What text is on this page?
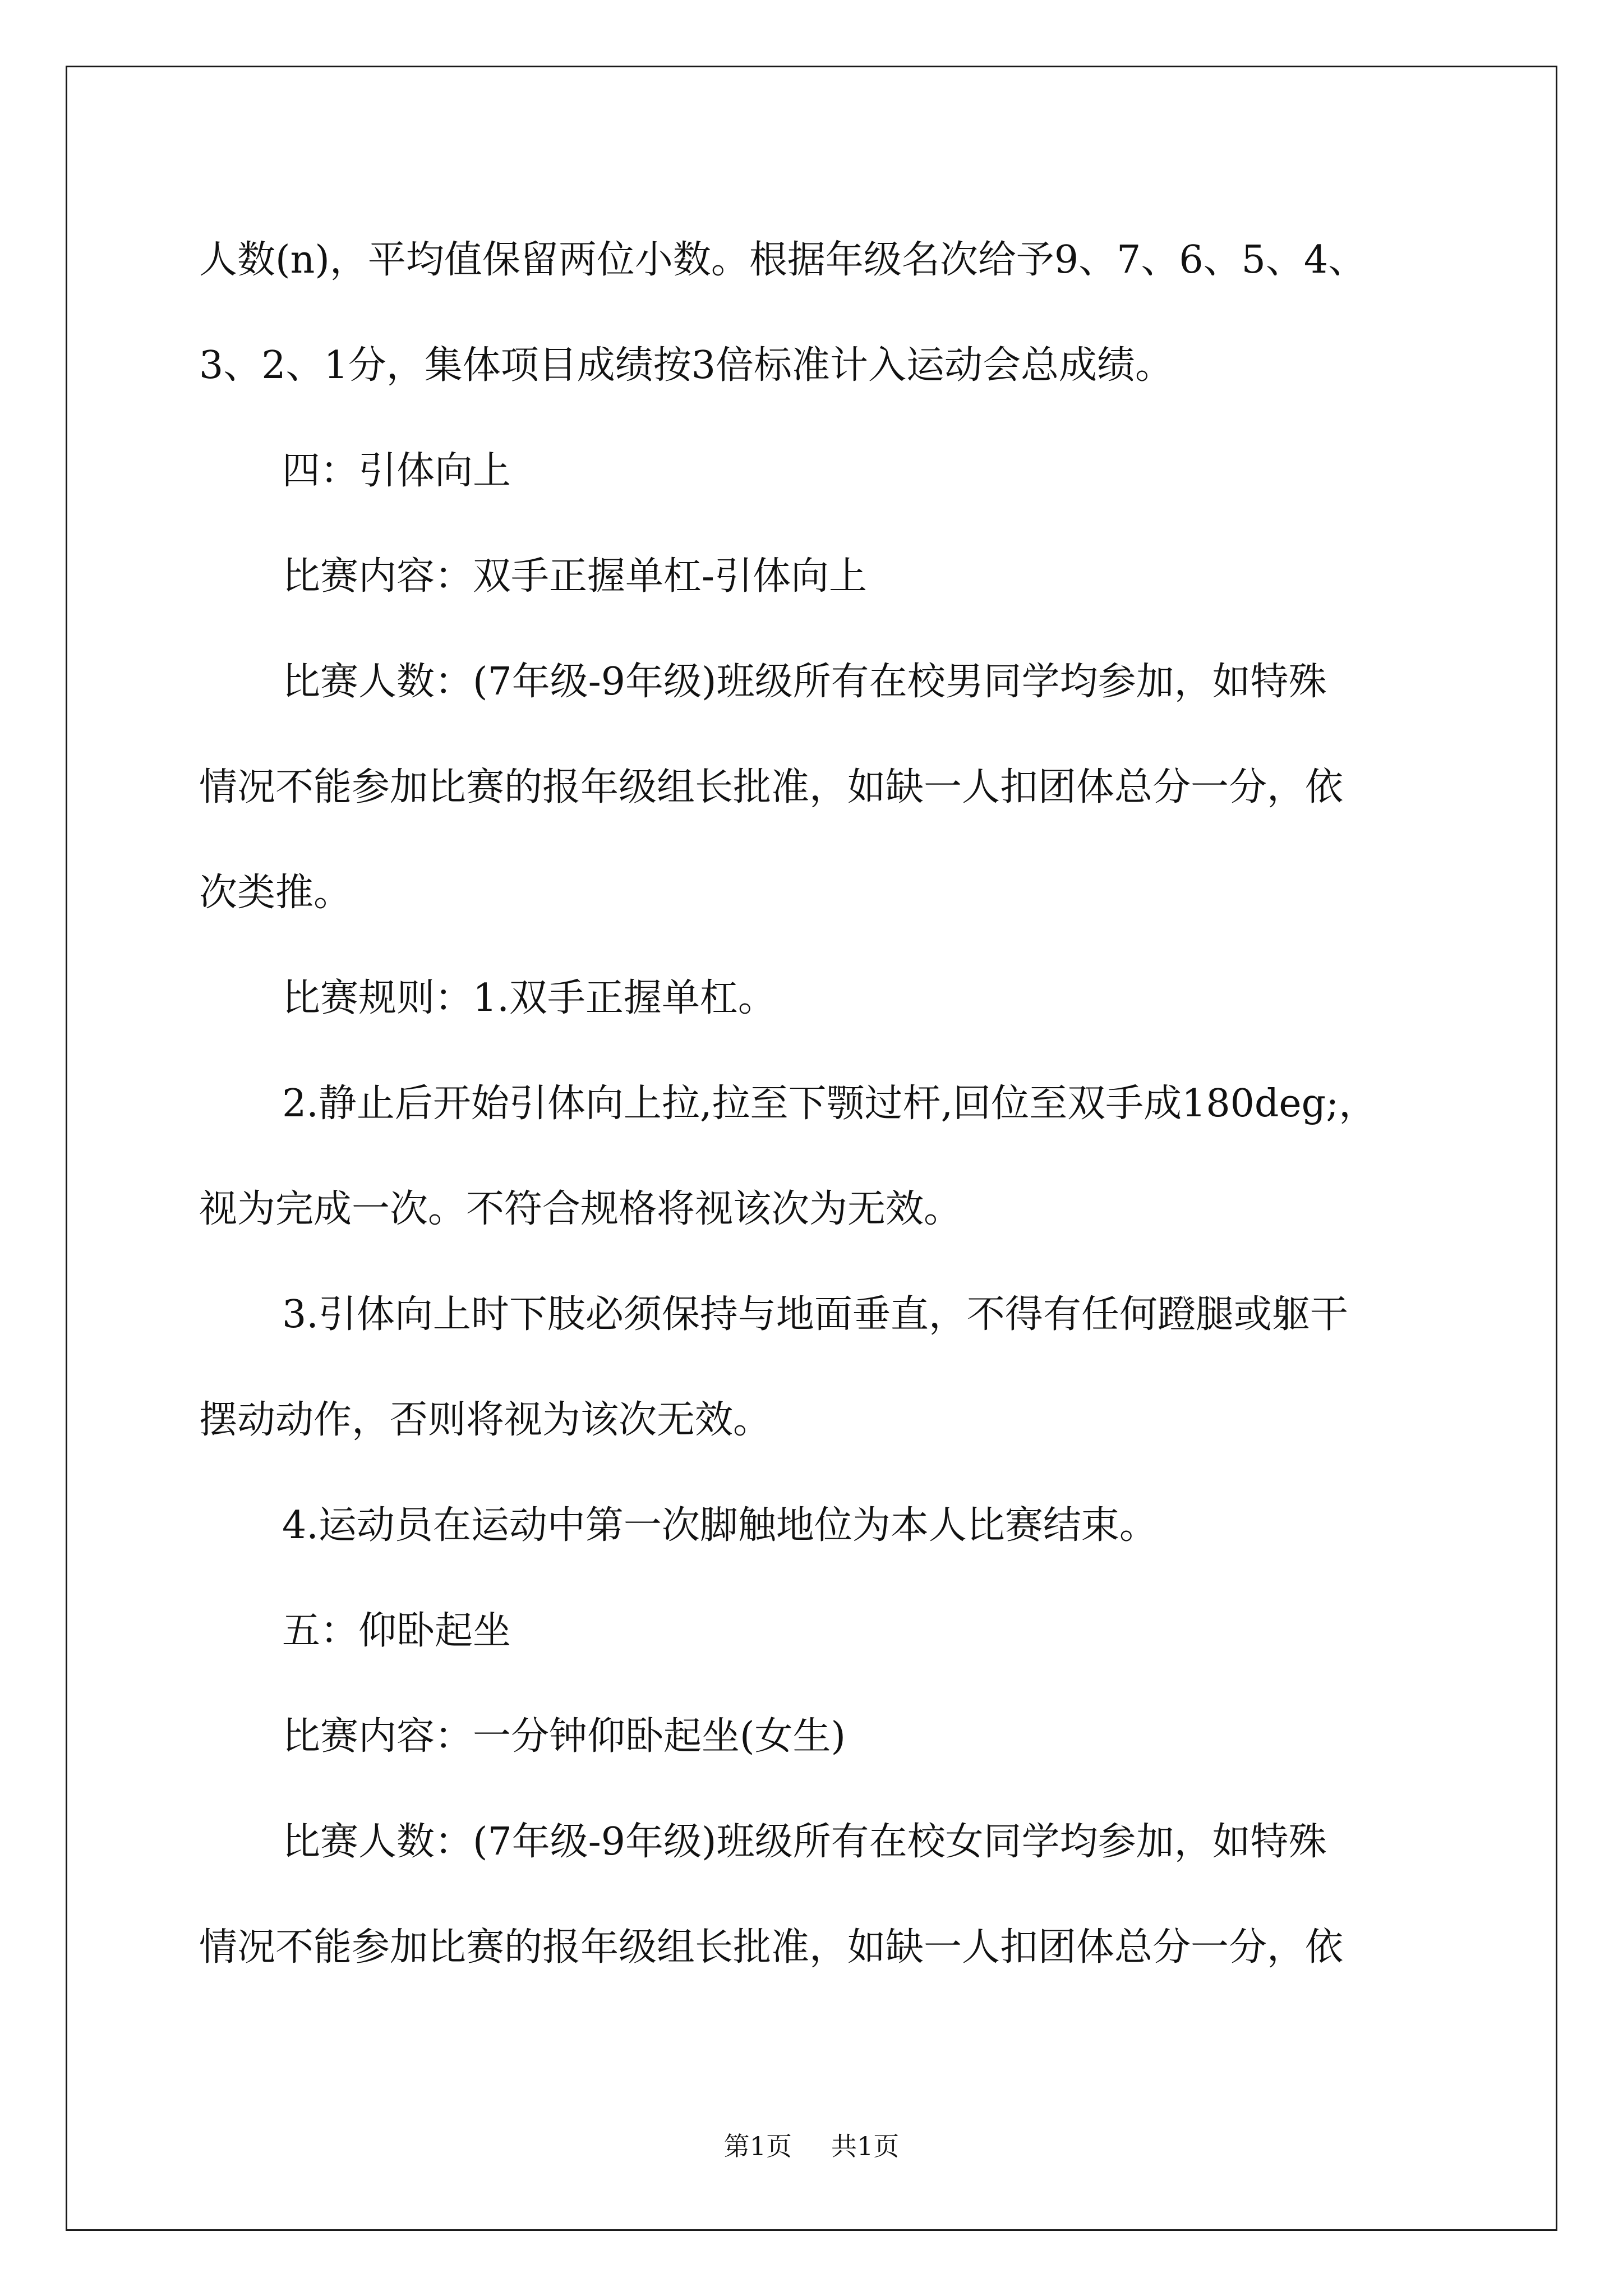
人数(n)，平均值保留两位小数。根据年级名次给予9、7、6、5、4、

3、2、1分，集体项目成绩按3倍标准计入运动会总成绩。

四：引体向上

比赛内容：双手正握单杠-引体向上

比赛人数：(7年级-9年级)班级所有在校男同学均参加，如特殊

情况不能参加比赛的报年级组长批准，如缺一人扣团体总分一分，依

次类推。

比赛规则：1.双手正握单杠。

2.静止后开始引体向上拉,拉至下颚过杆,回位至双手成180deg;，

视为完成一次。不符合规格将视该次为无效。

3.引体向上时下肢必须保持与地面垂直，不得有任何蹬腿或躯干

摆动动作，否则将视为该次无效。

4.运动员在运动中第一次脚触地位为本人比赛结束。

五：仰卧起坐

比赛内容：一分钟仰卧起坐(女生)

比赛人数：(7年级-9年级)班级所有在校女同学均参加，如特殊

情况不能参加比赛的报年级组长批准，如缺一人扣团体总分一分，依

第1页 共1页
